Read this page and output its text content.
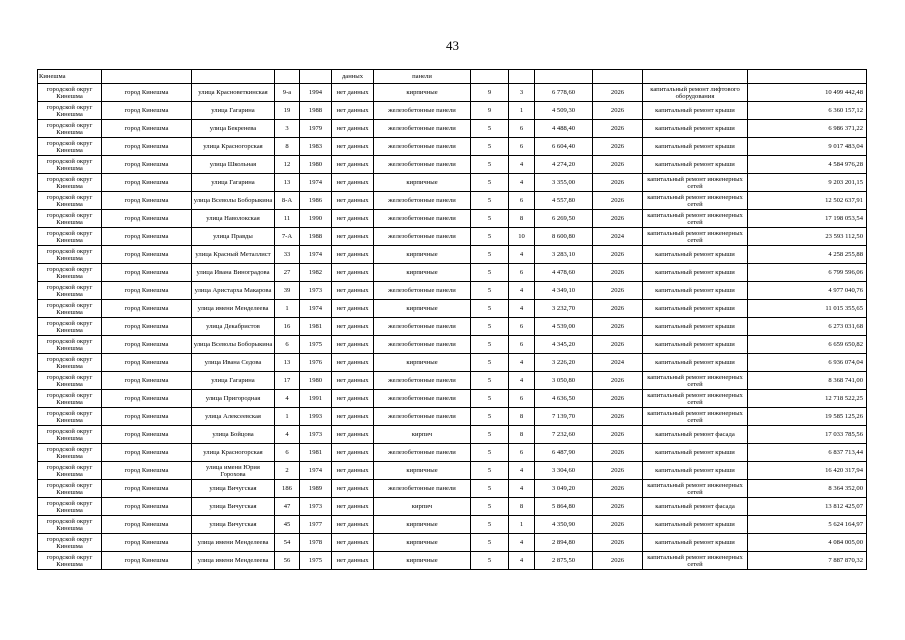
43
Кинешма					данных	панели						
городской округ Кинешма	город Кинешма	улица Красноветкинская	9-а	1994	нет данных	кирпичные	9	3	6 778,60	2026	капитальный ремонт лифтового оборудования	10 499 442,48
городской округ Кинешма	город Кинешма	улица Гагарина	19	1988	нет данных	железобетонные панели	9	1	4 509,30	2026	капитальный ремонт крыши	6 360 157,12
городской округ Кинешма	город Кинешма	улица Бекренева	3	1979	нет данных	железобетонные панели	5	6	4 488,40	2026	капитальный ремонт крыши	6 986 371,22
городской округ Кинешма	город Кинешма	улица Красногорская	8	1983	нет данных	железобетонные панели	5	6	6 604,40	2026	капитальный ремонт крыши	9 017 483,04
городской округ Кинешма	город Кинешма	улица Школьная	12	1980	нет данных	железобетонные панели	5	4	4 274,20	2026	капитальный ремонт крыши	4 584 976,28
городской округ Кинешма	город Кинешма	улица Гагарина	13	1974	нет данных	кирпичные	5	4	3 355,00	2026	капитальный ремонт инженерных сетей	9 203 201,15
городской округ Кинешма	город Кинешма	улица Всеволы Боборыкина	8-А	1986	нет данных	железобетонные панели	5	6	4 557,80	2026	капитальный ремонт инженерных сетей	12 502 637,91
городской округ Кинешма	город Кинешма	улица Наволокская	11	1990	нет данных	железобетонные панели	5	8	6 269,50	2026	капитальный ремонт инженерных сетей	17 198 053,54
городской округ Кинешма	город Кинешма	улица Правды	7-А	1988	нет данных	железобетонные панели	5	10	8 600,80	2024	капитальный ремонт инженерных сетей	23 593 112,50
городской округ Кинешма	город Кинешма	улица Красный Металлист	33	1974	нет данных	кирпичные	5	4	3 283,10	2026	капитальный ремонт крыши	4 258 255,88
городской округ Кинешма	город Кинешма	улица Ивана Виноградова	27	1982	нет данных	кирпичные	5	6	4 478,60	2026	капитальный ремонт крыши	6 799 596,06
городской округ Кинешма	город Кинешма	улица Аристарха Макарова	39	1973	нет данных	железобетонные панели	5	4	4 349,10	2026	капитальный ремонт крыши	4 977 040,76
городской округ Кинешма	город Кинешма	улица имени Менделеева	1	1974	нет данных	кирпичные	5	4	3 232,70	2026	капитальный ремонт крыши	11 015 355,65
городской округ Кинешма	город Кинешма	улица Декабристов	16	1981	нет данных	железобетонные панели	5	6	4 539,00	2026	капитальный ремонт крыши	6 273 031,68
городской округ Кинешма	город Кинешма	улица Всеволы Боборыкина	6	1975	нет данных	железобетонные панели	5	6	4 345,20	2026	капитальный ремонт крыши	6 659 650,82
городской округ Кинешма	город Кинешма	улица Ивана Седова	13	1976	нет данных	кирпичные	5	4	3 226,20	2024	капитальный ремонт крыши	6 936 074,04
городской округ Кинешма	город Кинешма	улица Гагарина	17	1980	нет данных	железобетонные панели	5	4	3 050,80	2026	капитальный ремонт инженерных сетей	8 368 741,00
городской округ Кинешма	город Кинешма	улица Пригородная	4	1991	нет данных	железобетонные панели	5	6	4 636,50	2026	капитальный ремонт инженерных сетей	12 718 522,25
городской округ Кинешма	город Кинешма	улица Алексеевская	1	1993	нет данных	железобетонные панели	5	8	7 139,70	2026	капитальный ремонт инженерных сетей	19 585 125,26
городской округ Кинешма	город Кинешма	улица Бойцова	4	1973	нет данных	кирпич	5	8	7 232,60	2026	капитальный ремонт фасада	17 033 785,56
городской округ Кинешма	город Кинешма	улица Красногорская	6	1981	нет данных	железобетонные панели	5	6	6 487,90	2026	капитальный ремонт крыши	6 837 713,44
городской округ Кинешма	город Кинешма	улица имени Юрия Горохова	2	1974	нет данных	кирпичные	5	4	3 304,60	2026	капитальный ремонт крыши	16 420 317,94
городской округ Кинешма	город Кинешма	улица Вичугская	186	1989	нет данных	железобетонные панели	5	4	3 049,20	2026	капитальный ремонт инженерных сетей	8 364 352,00
городской округ Кинешма	город Кинешма	улица Вичугская	47	1973	нет данных	кирпич	5	8	5 864,80	2026	капитальный ремонт фасада	13 812 425,07
городской округ Кинешма	город Кинешма	улица Вичугская	45	1977	нет данных	кирпичные	5	1	4 350,90	2026	капитальный ремонт крыши	5 624 164,97
городской округ Кинешма	город Кинешма	улица имени Менделеева	54	1978	нет данных	кирпичные	5	4	2 894,80	2026	капитальный ремонт крыши	4 084 005,00
городской округ Кинешма	город Кинешма	улица имени Менделеева	56	1975	нет данных	кирпичные	5	4	2 875,50	2026	капитальный ремонт инженерных сетей	7 887 870,32
